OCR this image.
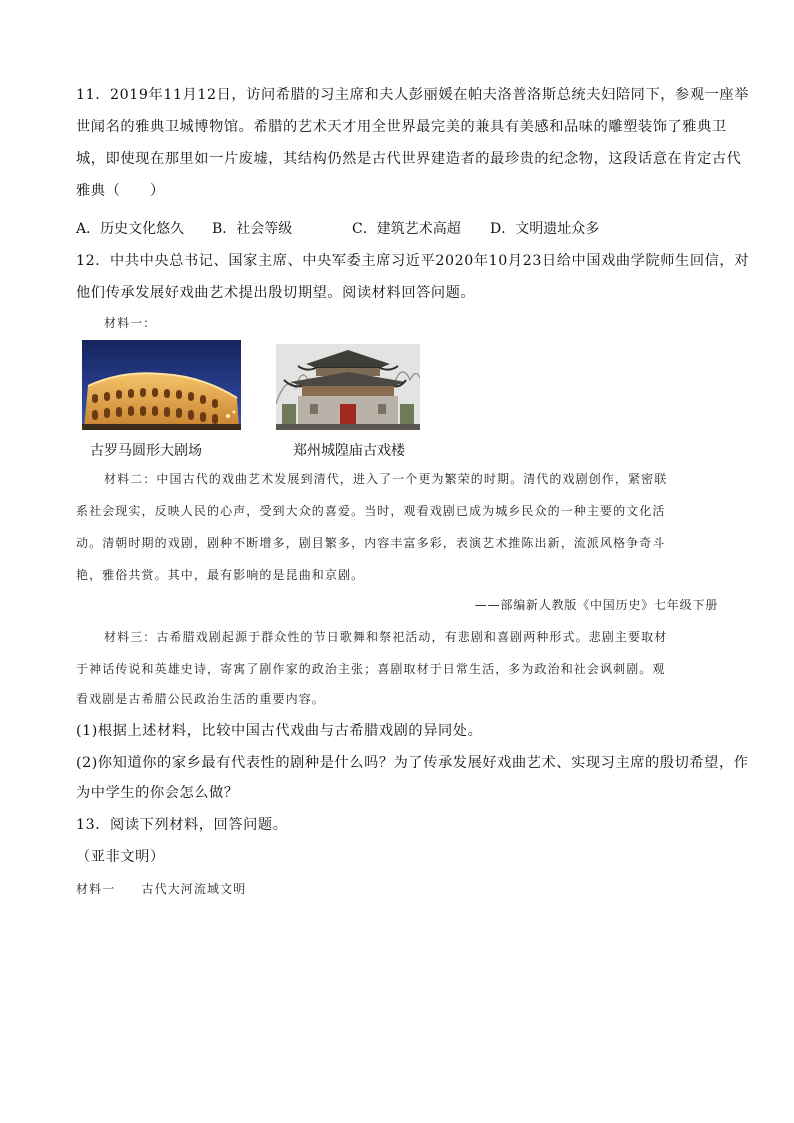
11．2019年11月12日，访问希腊的习主席和夫人彭丽媛在帕夫洛普洛斯总统夫妇陪同下，参观一座举
世闻名的雅典卫城博物馆。希腊的艺术天才用全世界最完美的兼具有美感和品味的雕塑装饰了雅典卫
城，即使现在那里如一片废墟，其结构仍然是古代世界建造者的最珍贵的纪念物，这段话意在肯定古代
雅典（　　）
A．历史文化悠久 B．社会等级	C．建筑艺术高超 D．文明遗址众多
12．中共中央总书记、国家主席、中央军委主席习近平2020年10月23日给中国戏曲学院师生回信，对
他们传承发展好戏曲艺术提出殷切期望。阅读材料回答问题。
材料一：
古罗马圆形大剧场	郑州城隍庙古戏楼
材料二：中国古代的戏曲艺术发展到清代，进入了一个更为繁荣的时期。清代的戏剧创作，紧密联
系社会现实，反映人民的心声，受到大众的喜爱。当时，观看戏剧已成为城乡民众的一种主要的文化活
动。清朝时期的戏剧，剧种不断增多，剧目繁多，内容丰富多彩，表演艺术推陈出新，流派风格争奇斗
艳，雅俗共赏。其中，最有影响的是昆曲和京剧。
——部编新人教版《中国历史》七年级下册
材料三：古希腊戏剧起源于群众性的节日歌舞和祭祀活动，有悲剧和喜剧两种形式。悲剧主要取材
于神话传说和英雄史诗，寄寓了剧作家的政治主张；喜剧取材于日常生活，多为政治和社会讽刺剧。观
看戏剧是古希腊公民政治生活的重要内容。
(1)根据上述材料，比较中国古代戏曲与古希腊戏剧的异同处。
(2)你知道你的家乡最有代表性的剧种是什么吗？为了传承发展好戏曲艺术、实现习主席的殷切希望，作
为中学生的你会怎么做？
13．阅读下列材料，回答问题。
（亚非文明）
材料一　　古代大河流域文明
